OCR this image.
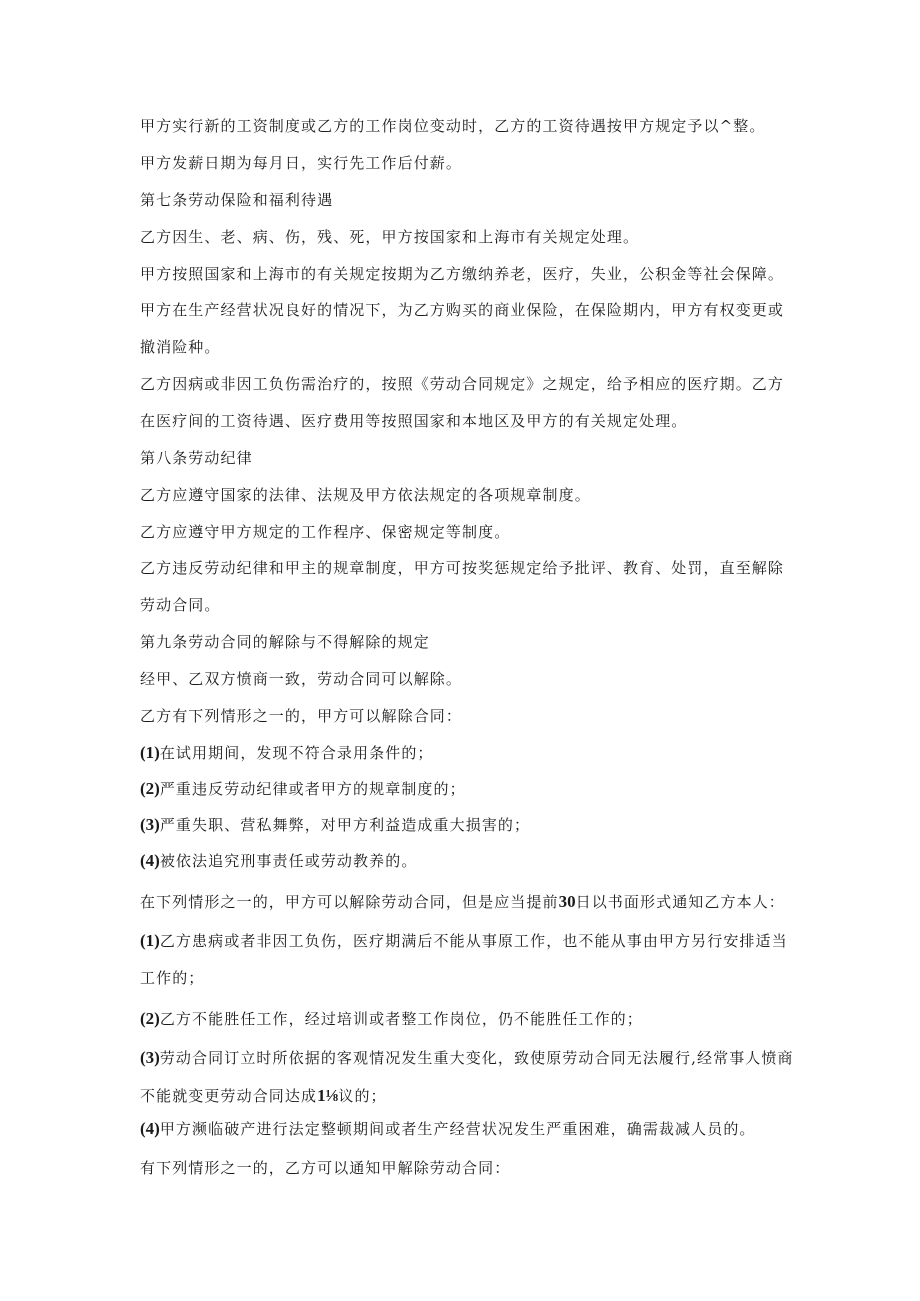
甲方实行新的工资制度或乙方的工作岗位变动时，乙方的工资待遇按甲方规定予以^整。
甲方发薪日期为每月日，实行先工作后付薪。
第七条劳动保险和福利待遇
乙方因生、老、病、伤，残、死，甲方按国家和上海市有关规定处理。
甲方按照国家和上海市的有关规定按期为乙方缴纳养老，医疗，失业，公积金等社会保障。
甲方在生产经营状况良好的情况下，为乙方购买的商业保险，在保险期内，甲方有权变更或撤消险种。
乙方因病或非因工负伤需治疗的，按照《劳动合同规定》之规定，给予相应的医疗期。乙方在医疗间的工资待遇、医疗费用等按照国家和本地区及甲方的有关规定处理。
第八条劳动纪律
乙方应遵守国家的法律、法规及甲方依法规定的各项规章制度。
乙方应遵守甲方规定的工作程序、保密规定等制度。
乙方违反劳动纪律和甲主的规章制度，甲方可按奖惩规定给予批评、教育、处罚，直至解除劳动合同。
第九条劳动合同的解除与不得解除的规定
经甲、乙双方愤商一致，劳动合同可以解除。
乙方有下列情形之一的，甲方可以解除合同：
(1)在试用期间，发现不符合录用条件的；
(2)严重违反劳动纪律或者甲方的规章制度的；
(3)严重失职、营私舞弊，对甲方利益造成重大损害的；
(4)被依法追究刑事责任或劳动教养的。
在下列情形之一的，甲方可以解除劳动合同，但是应当提前30日以书面形式通知乙方本人：
(1)乙方患病或者非因工负伤，医疗期满后不能从事原工作，也不能从事由甲方另行安排适当工作的；
(2)乙方不能胜任工作，经过培训或者整工作岗位，仍不能胜任工作的；
(3)劳动合同订立时所依据的客观情况发生重大变化，致使原劳动合同无法履行,经常事人愤商不能就变更劳动合同达成1⅛议的；
(4)甲方濒临破产进行法定整顿期间或者生产经营状况发生严重困难，确需裁减人员的。
有下列情形之一的，乙方可以通知甲解除劳动合同：
